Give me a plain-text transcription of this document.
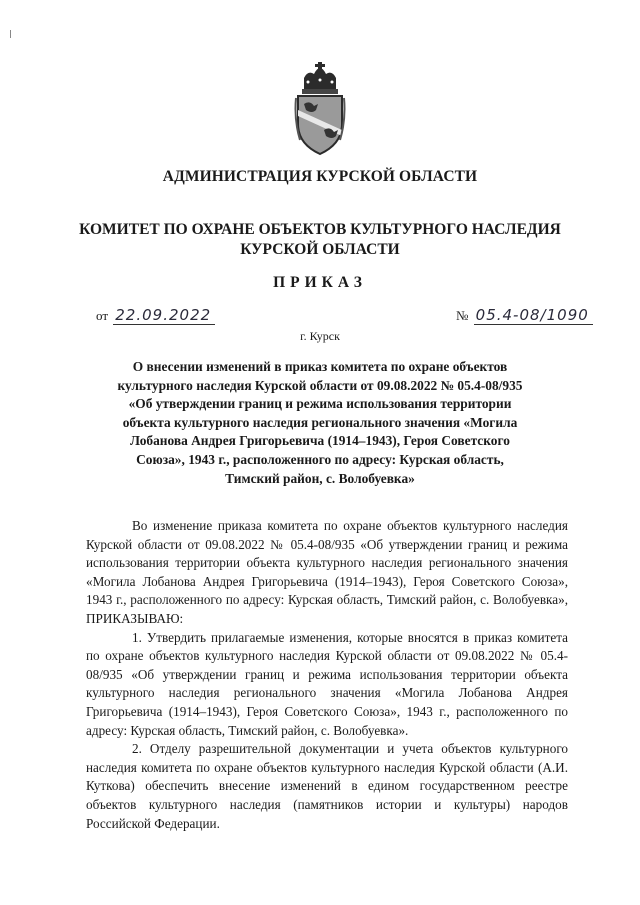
АДМИНИСТРАЦИЯ КУРСКОЙ ОБЛАСТИ
КОМИТЕТ ПО ОХРАНЕ ОБЪЕКТОВ КУЛЬТУРНОГО НАСЛЕДИЯ
КУРСКОЙ ОБЛАСТИ
ПРИКАЗ
от 22.09.2022	№ 05.4-08/1090
г. Курск
О внесении изменений в приказ комитета по охране объектов
культурного наследия Курской области от 09.08.2022 № 05.4-08/935
«Об утверждении границ и режима использования территории
объекта культурного наследия регионального значения «Могила
Лобанова Андрея Григорьевича (1914–1943), Героя Советского
Союза», 1943 г., расположенного по адресу: Курская область,
Тимский район, с. Волобуевка»

Во изменение приказа комитета по охране объектов культурного наследия Курской области от 09.08.2022 № 05.4-08/935 «Об утверждении границ и режима использования территории объекта культурного наследия регионального значения «Могила Лобанова Андрея Григорьевича (1914–1943), Героя Советского Союза», 1943 г., расположенного по адресу: Курская область, Тимский район, с. Волобуевка», ПРИКАЗЫВАЮ:

1. Утвердить прилагаемые изменения, которые вносятся в приказ комитета по охране объектов культурного наследия Курской области от 09.08.2022 № 05.4-08/935 «Об утверждении границ и режима использования территории объекта культурного наследия регионального значения «Могила Лобанова Андрея Григорьевича (1914–1943), Героя Советского Союза», 1943 г., расположенного по адресу: Курская область, Тимский район, с. Волобуевка».

2. Отделу разрешительной документации и учета объектов культурного наследия комитета по охране объектов культурного наследия Курской области (А.И. Куткова) обеспечить внесение изменений в едином государственном реестре объектов культурного наследия (памятников истории и культуры) народов Российской Федерации.
